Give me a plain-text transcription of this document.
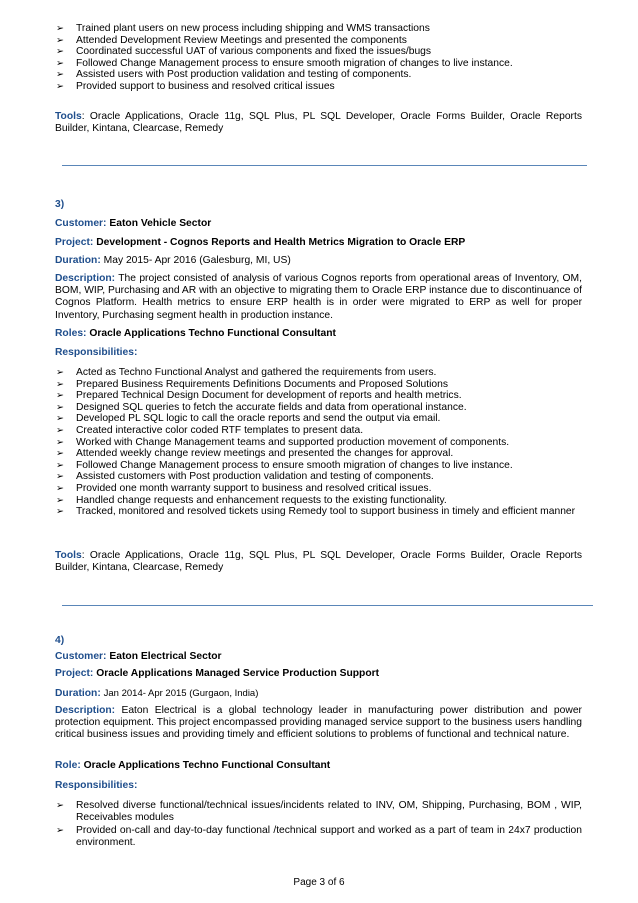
➢ Trained plant users on new process including shipping and WMS transactions
➢ Attended Development Review Meetings and presented the components
➢ Coordinated successful UAT of various components and fixed the issues/bugs
➢ Followed Change Management process to ensure smooth migration of changes to live instance.
➢ Assisted users with Post production validation and testing of components.
➢ Provided support to business and resolved critical issues
Tools: Oracle Applications, Oracle 11g, SQL Plus, PL SQL Developer, Oracle Forms Builder, Oracle Reports Builder, Kintana, Clearcase, Remedy
3)
Customer: Eaton Vehicle Sector
Project: Development - Cognos Reports and Health Metrics Migration to Oracle ERP
Duration: May 2015- Apr 2016 (Galesburg, MI, US)
Description: The project consisted of analysis of various Cognos reports from operational areas of Inventory, OM, BOM, WIP, Purchasing and AR with an objective to migrating them to Oracle ERP instance due to discontinuance of Cognos Platform. Health metrics to ensure ERP health is in order were migrated to ERP as well for proper Inventory, Purchasing segment health in production instance.
Roles: Oracle Applications Techno Functional Consultant
Responsibilities:
➢ Acted as Techno Functional Analyst and gathered the requirements from users.
➢ Prepared Business Requirements Definitions Documents and Proposed Solutions
➢ Prepared Technical Design Document for development of reports and health metrics.
➢ Designed SQL queries to fetch the accurate fields and data from operational instance.
➢ Developed PL SQL logic to call the oracle reports and send the output via email.
➢ Created interactive color coded RTF templates to present data.
➢ Worked with Change Management teams and supported production movement of components.
➢ Attended weekly change review meetings and presented the changes for approval.
➢ Followed Change Management process to ensure smooth migration of changes to live instance.
➢ Assisted customers with Post production validation and testing of components.
➢ Provided one month warranty support to business and resolved critical issues.
➢ Handled change requests and enhancement requests to the existing functionality.
➢ Tracked, monitored and resolved tickets using Remedy tool to support business in timely and efficient manner
Tools: Oracle Applications, Oracle 11g, SQL Plus, PL SQL Developer, Oracle Forms Builder, Oracle Reports Builder, Kintana, Clearcase, Remedy
4)
Customer: Eaton Electrical Sector
Project: Oracle Applications Managed Service Production Support
Duration: Jan 2014- Apr 2015 (Gurgaon, India)
Description: Eaton Electrical is a global technology leader in manufacturing power distribution and power protection equipment. This project encompassed providing managed service support to the business users handling critical business issues and providing timely and efficient solutions to problems of functional and technical nature.
Role: Oracle Applications Techno Functional Consultant
Responsibilities:
➢ Resolved diverse functional/technical issues/incidents related to INV, OM, Shipping, Purchasing, BOM , WIP, Receivables modules
➢ Provided on-call and day-to-day functional /technical support and worked as a part of team in 24x7 production environment.
Page 3 of 6
